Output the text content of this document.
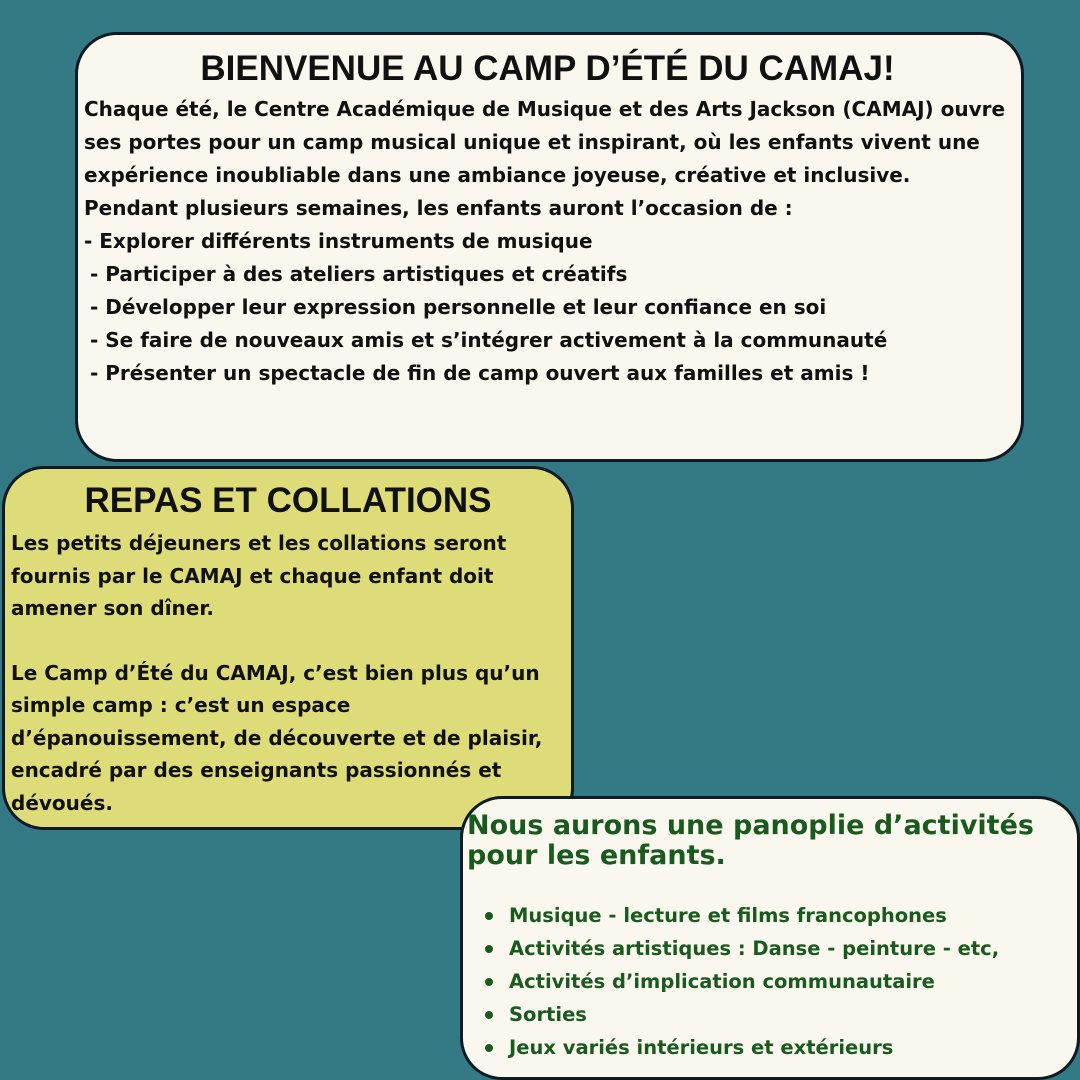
BIENVENUE AU CAMP D’ÉTÉ DU CAMAJ!

Chaque été, le Centre Académique de Musique et des Arts Jackson (CAMAJ) ouvre ses portes pour un camp musical unique et inspirant, où les enfants vivent une expérience inoubliable dans une ambiance joyeuse, créative et inclusive.

Pendant plusieurs semaines, les enfants auront l’occasion de :

- Explorer différents instruments de musique
- Participer à des ateliers artistiques et créatifs
- Développer leur expression personnelle et leur confiance en soi
- Se faire de nouveaux amis et s’intégrer activement à la communauté
- Présenter un spectacle de fin de camp ouvert aux familles et amis !
REPAS ET COLLATIONS

Les petits déjeuners et les collations seront fournis par le CAMAJ et chaque enfant doit amener son dîner.

Le Camp d’Été du CAMAJ, c’est bien plus qu’un simple camp : c’est un espace d’épanouissement, de découverte et de plaisir, encadré par des enseignants passionnés et dévoués.

Nous aurons une panoplie d’activités pour les enfants.
Musique - lecture et films francophones
Activités artistiques : Danse - peinture - etc,
Activités d’implication communautaire
Sorties
Jeux variés intérieurs et extérieurs
